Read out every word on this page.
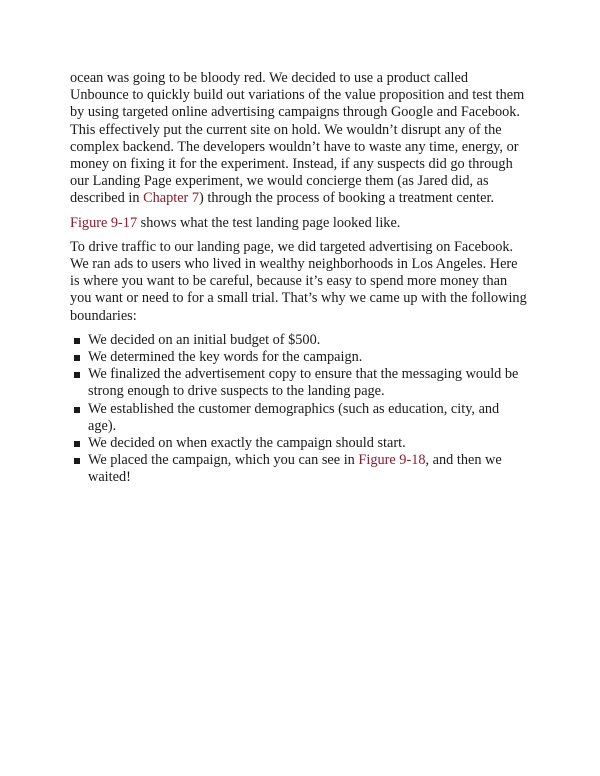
ocean was going to be bloody red. We decided to use a product called Unbounce to quickly build out variations of the value proposition and test them by using targeted online advertising campaigns through Google and Facebook. This effectively put the current site on hold. We wouldn’t disrupt any of the complex backend. The developers wouldn’t have to waste any time, energy, or money on fixing it for the experiment. Instead, if any suspects did go through our Landing Page experiment, we would concierge them (as Jared did, as described in Chapter 7) through the process of booking a treatment center.

Figure 9-17 shows what the test landing page looked like.

To drive traffic to our landing page, we did targeted advertising on Facebook. We ran ads to users who lived in wealthy neighborhoods in Los Angeles. Here is where you want to be careful, because it’s easy to spend more money than you want or need to for a small trial. That’s why we came up with the following boundaries:

We decided on an initial budget of $500.
We determined the key words for the campaign.
We finalized the advertisement copy to ensure that the messaging would be strong enough to drive suspects to the landing page.
We established the customer demographics (such as education, city, and age).
We decided on when exactly the campaign should start.
We placed the campaign, which you can see in Figure 9-18, and then we waited!
